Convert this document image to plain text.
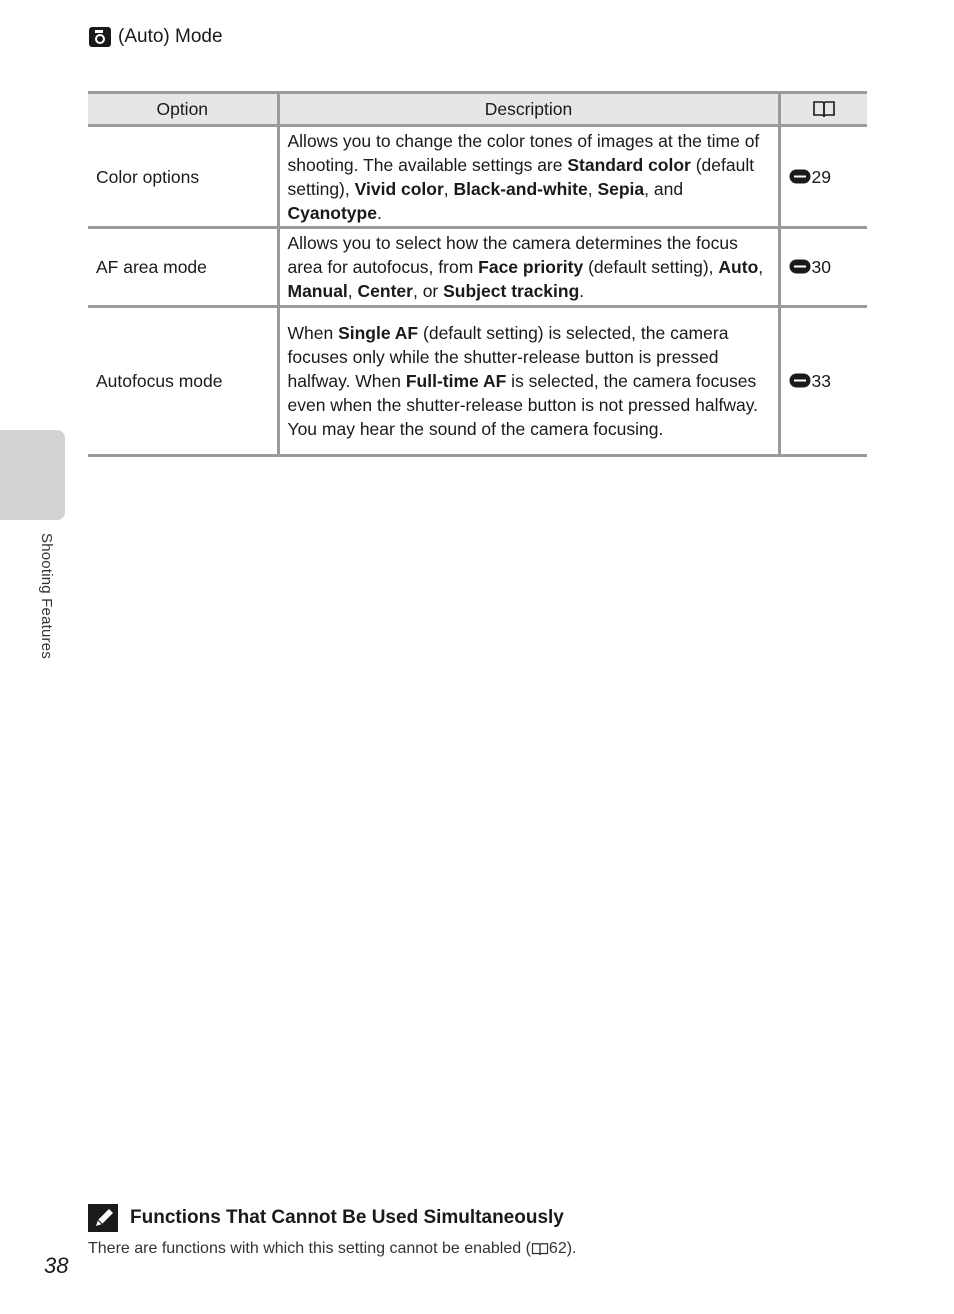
(Auto) Mode
Shooting Features
Option	Description	
Color options	Allows you to change the color tones of images at the time of shooting. The available settings are Standard color (default setting), Vivid color, Black-and-white, Sepia, and Cyanotype.	29
AF area mode	Allows you to select how the camera determines the focus area for autofocus, from Face priority (default setting), Auto, Manual, Center, or Subject tracking.	30
Autofocus mode	When Single AF (default setting) is selected, the camera focuses only while the shutter-release button is pressed halfway. When Full-time AF is selected, the camera focuses even when the shutter-release button is not pressed halfway. You may hear the sound of the camera focusing.	33
Functions That Cannot Be Used Simultaneously
There are functions with which this setting cannot be enabled ( 62 ).
38
